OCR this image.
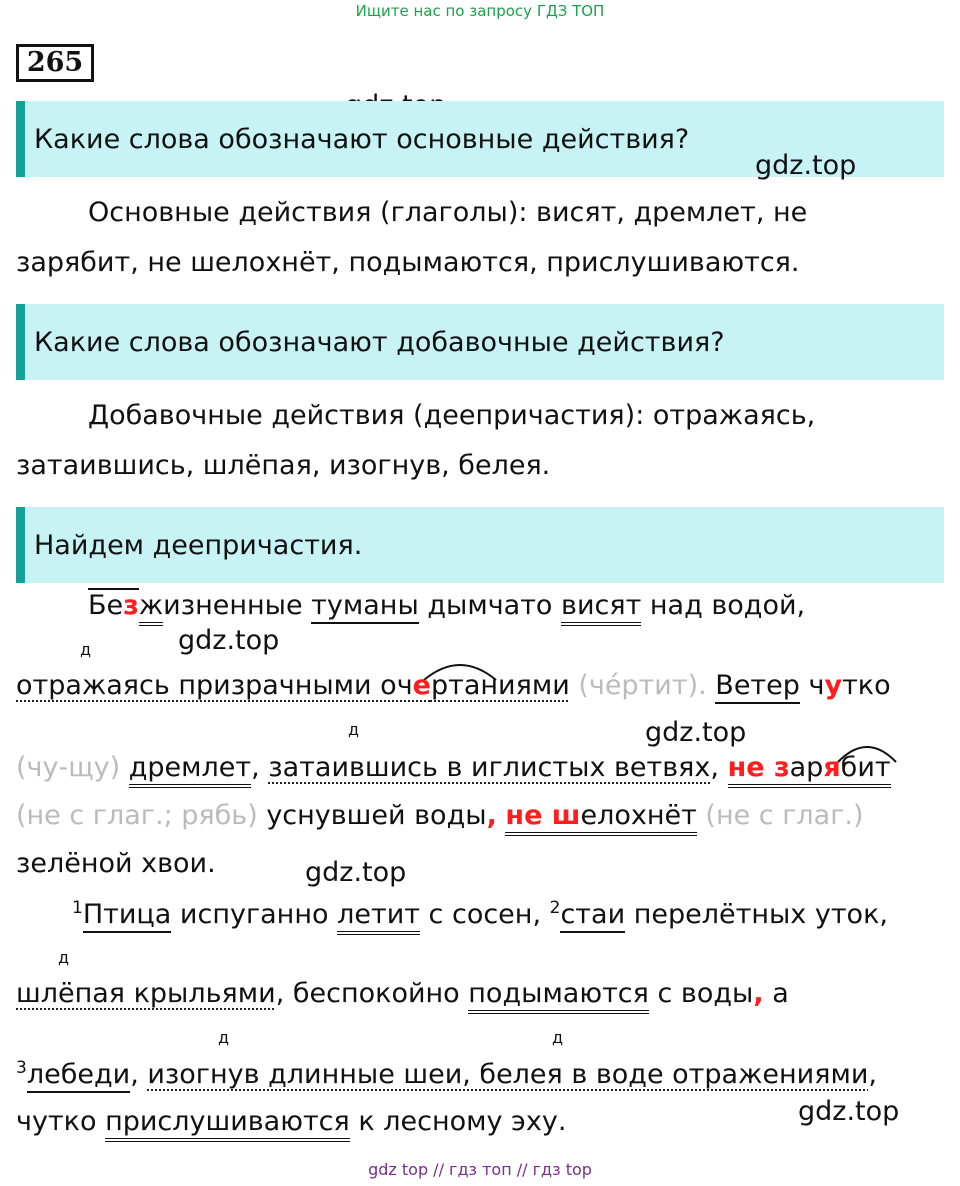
Ищите нас по запросу ГДЗ ТОП
265
Какие слова обозначают основные действия?
gdz.top
Основные действия (глаголы): висят, дремлет, не
зарябит, не шелохнёт, подымаются, прислушиваются.
Какие слова обозначают добавочные действия?
Добавочные действия (деепричастия): отражаясь,
затаившись, шлёпая, изогнув, белея.
Найдем деепричастия.
Безжизненные туманы дымчато висят над водой,
д	gdz.top
отражаясь призрачными очертаниями (че́ртит). Ветер чутко
д	gdz.top
(чу-щу) дремлет, затаившись в иглистых ветвях, не зарябит
(не с глаг.; рябь) уснувшей воды, не шелохнёт (не с глаг.)
зелёной хвои.	gdz.top
$^1$Птица испуганно летит с сосен, $^2$стаи перелётных уток,
д
шлёпая крыльями, беспокойно подымаются с воды, а
д	д
$^3$лебеди, изогнув длинные шеи, белея в воде отражениями,
чутко прислушиваются к лесному эху.	gdz.top
gdz top // гдз топ // гдз top
